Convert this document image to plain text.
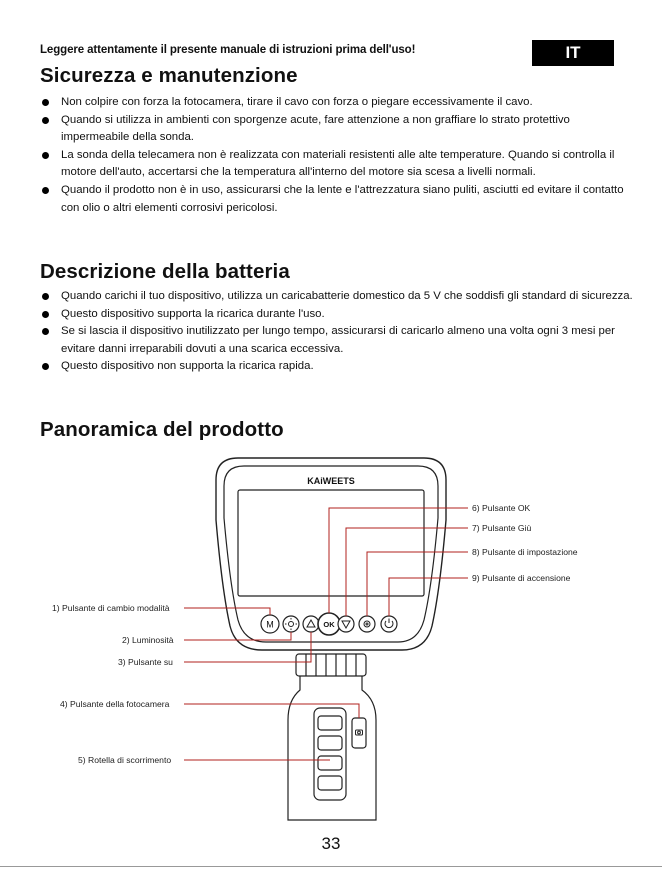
Leggere attentamente il presente manuale di istruzioni prima dell'uso!	IT
Sicurezza e manutenzione
Non colpire con forza la fotocamera, tirare il cavo con forza o piegare eccessivamente il cavo.
Quando si utilizza in ambienti con sporgenze acute, fare attenzione a non graffiare lo strato protettivo impermeabile della sonda.
La sonda della telecamera non è realizzata con materiali resistenti alle alte temperature. Quando si controlla il motore dell'auto, accertarsi che la temperatura all'interno del motore sia scesa a livelli normali.
Quando il prodotto non è in uso, assicurarsi che la lente e l'attrezzatura siano puliti, asciutti ed evitare il contatto con olio o altri elementi corrosivi pericolosi.
Descrizione della batteria
Quando carichi il tuo dispositivo, utilizza un caricabatterie domestico da 5 V che soddisfi gli standard di sicurezza.
Questo dispositivo supporta la ricarica durante l'uso.
Se si lascia il dispositivo inutilizzato per lungo tempo, assicurarsi di caricarlo almeno una volta ogni 3 mesi per evitare danni irreparabili dovuti a una scarica eccessiva.
Questo dispositivo non supporta la ricarica rapida.
Panoramica del prodotto
M	OK
KAiWEETS
1) Pulsante di cambio modalità
2) Luminosità
3) Pulsante su
4) Pulsante della fotocamera
5) Rotella di scorrimento
6) Pulsante OK
7) Pulsante Giù
8) Pulsante di impostazione
9) Pulsante di accensione
33
